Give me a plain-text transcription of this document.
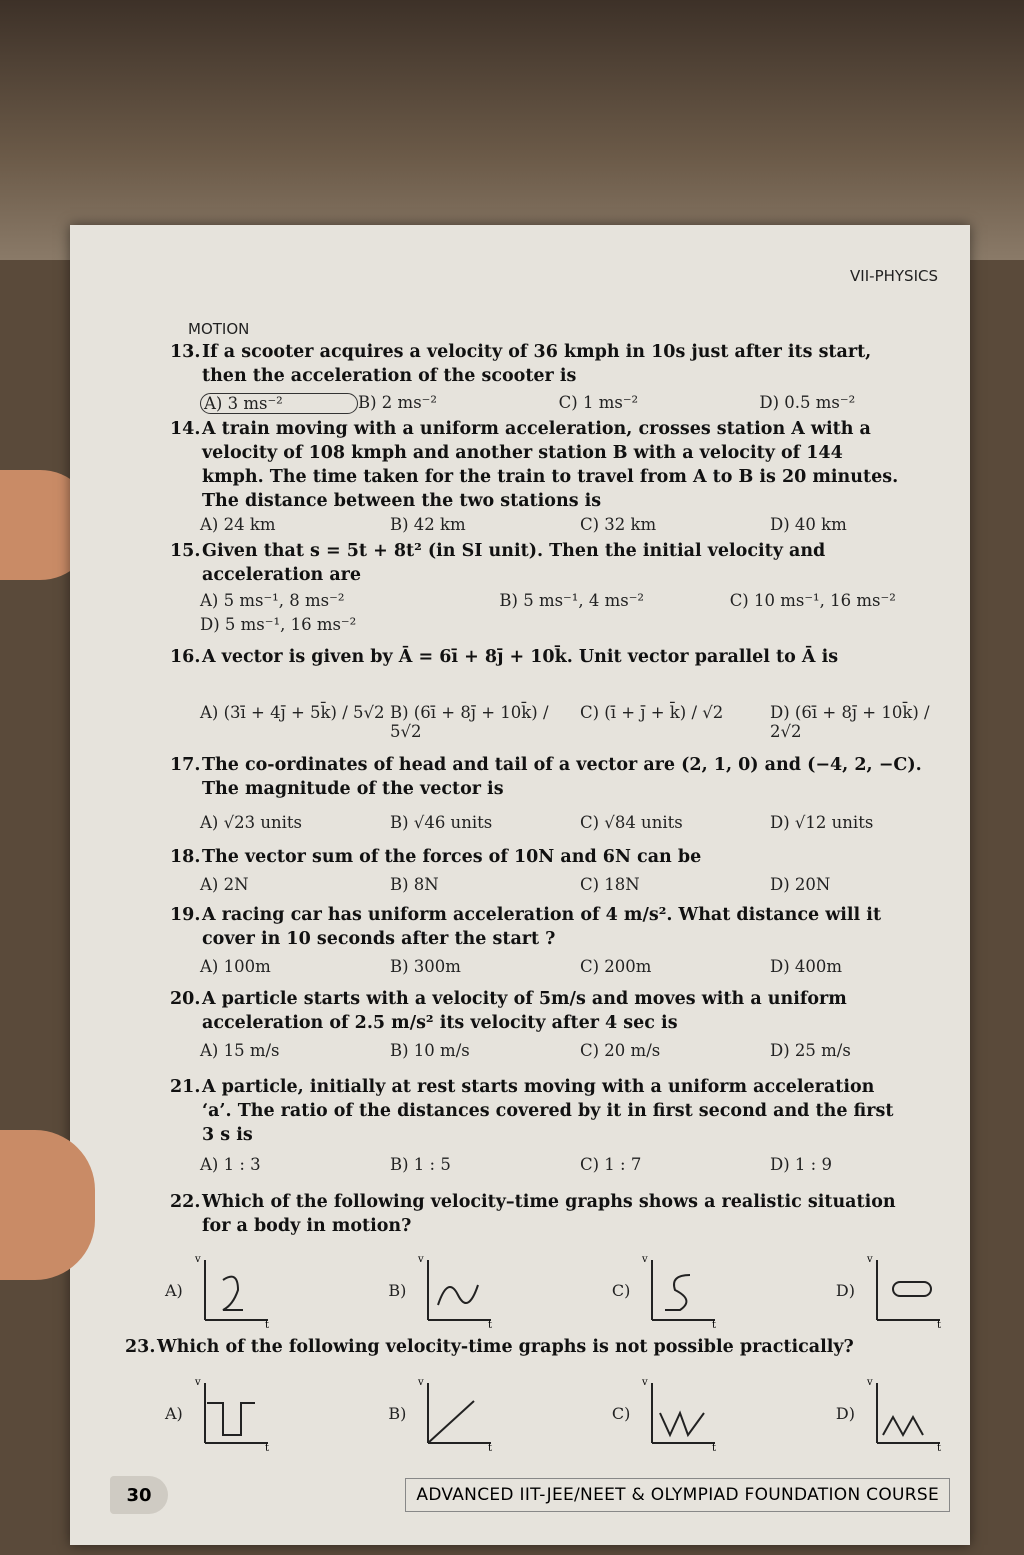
VII-PHYSICS
MOTION
13.If a scooter acquires a velocity of 36 kmph in 10s just after its start,
then the acceleration of the scooter is
A) 3 ms⁻²	B) 2 ms⁻²	C) 1 ms⁻²	D) 0.5 ms⁻²
14.A train moving with a uniform acceleration, crosses station A with a
velocity of 108 kmph and another station B with a velocity of 144
kmph. The time taken for the train to travel from A to B is 20 minutes.
The distance between the two stations is
A) 24 km	B) 42 km	C) 32 km	D) 40 km
15.Given that s = 5t + 8t² (in SI unit). Then the initial velocity and
acceleration are
A) 5 ms⁻¹, 8 ms⁻²	B) 5 ms⁻¹, 4 ms⁻²	C) 10 ms⁻¹, 16 ms⁻²
D) 5 ms⁻¹, 16 ms⁻²
16.A vector is given by Ā = 6ī + 8j̄ + 10k̄. Unit vector parallel to Ā is
A) (3ī + 4j̄ + 5k̄) / 5√2 B) (6ī + 8j̄ + 10k̄) / 5√2
C) (ī + j̄ + k̄) / √2	D) (6ī + 8j̄ + 10k̄) / 2√2
17.The co-ordinates of head and tail of a vector are (2, 1, 0) and (−4, 2, −C).
The magnitude of the vector is
A) √23 units	B) √46 units	C) √84 units	D) √12 units
18.The vector sum of the forces of 10N and 6N can be
A) 2N	B) 8N	C) 18N	D) 20N
19.A racing car has uniform acceleration of 4 m/s². What distance will it
cover in 10 seconds after the start ?
A) 100m	B) 300m	C) 200m	D) 400m
20.A particle starts with a velocity of 5m/s and moves with a uniform
acceleration of 2.5 m/s² its velocity after 4 sec is
A) 15 m/s	B) 10 m/s	C) 20 m/s	D) 25 m/s
21.A particle, initially at rest starts moving with a uniform acceleration
‘a’. The ratio of the distances covered by it in first second and the first
3 s is
A) 1 : 3	B) 1 : 5	C) 1 : 7	D) 1 : 9
22.Which of the following velocity–time graphs shows a realistic situation
for a body in motion?
A)
v
t
B)
v
t
C)
v
t
D)
v
t
23.Which of the following velocity-time graphs is not possible practically?
A)
v
t
B)
v
t
C)
v
t
D)
v
t
30	ADVANCED IIT-JEE/NEET & OLYMPIAD FOUNDATION COURSE
